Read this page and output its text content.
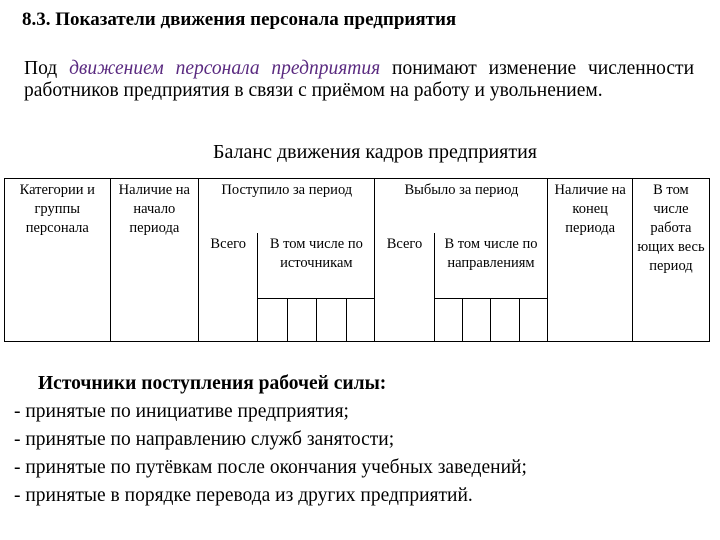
8.3. Показатели движения персонала предприятия
Под движением персонала предприятия понимают изменение численности работников предприятия в связи с приёмом на работу и увольнением.
Баланс движения кадров предприятия
Категории и группы персонала	Наличие на начало периода	Поступило за период					Выбыло за период					Наличие на конец периода	В том числе работа ющих весь период
		Всего	В том числе по источникам				Всего	В том числе по направлениям					

Источники поступления рабочей силы:
- принятые по инициативе предприятия;
- принятые по направлению служб занятости;
- принятые по путёвкам после окончания учебных заведений;
- принятые в порядке перевода из других предприятий.
